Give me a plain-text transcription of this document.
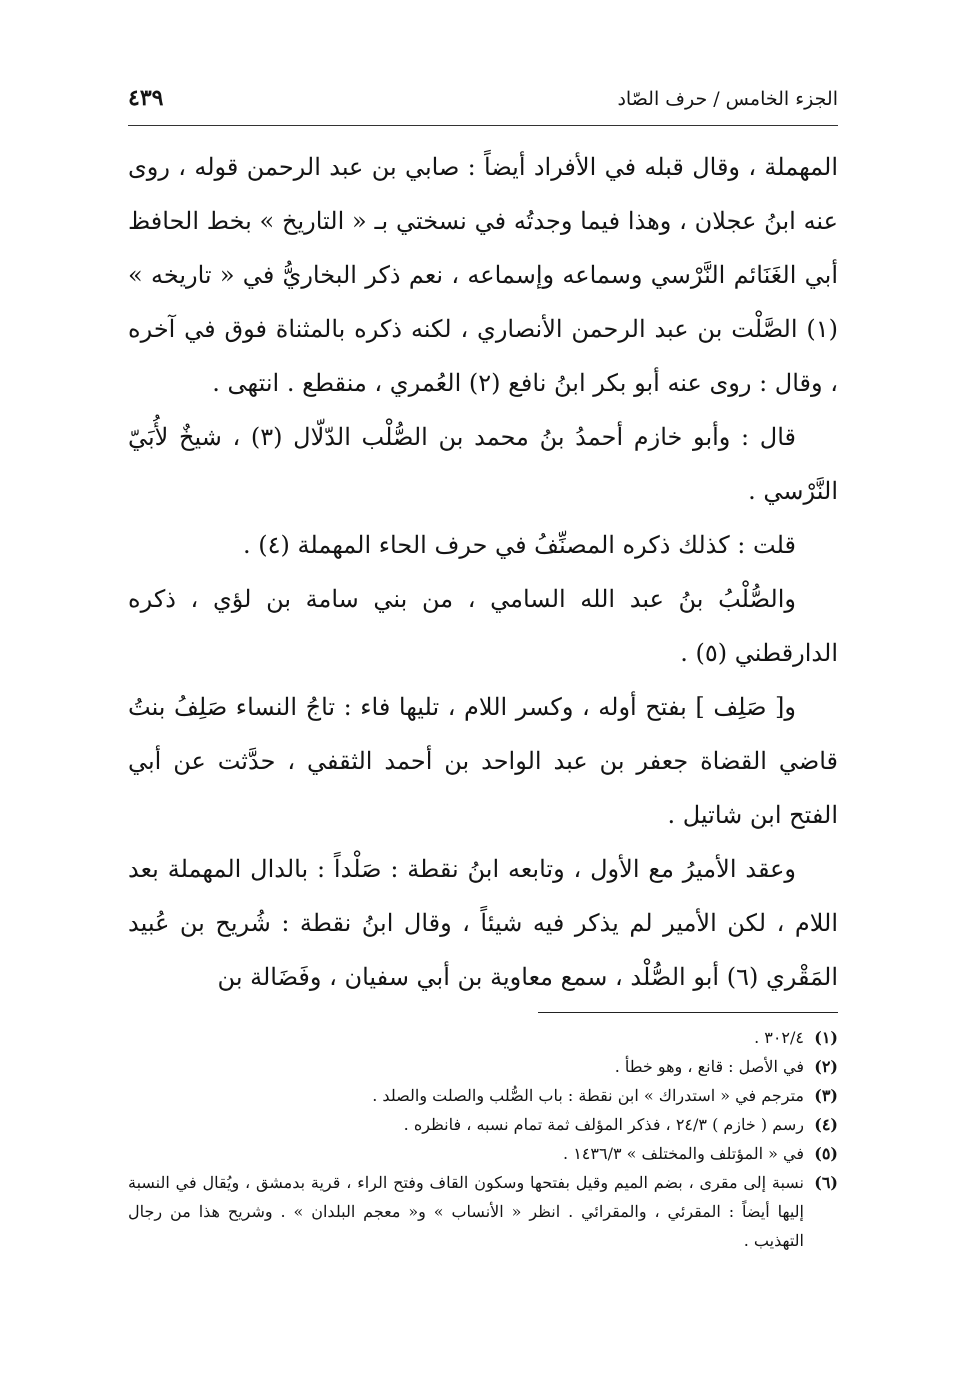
الجزء الخامس / حرف الصّاد
٤٣٩

المهملة ، وقال قبله في الأفراد أيضاً : صابي بن عبد الرحمن قوله ، روى عنه ابنُ عجلان ، وهذا فيما وجدتُه في نسختي بـ « التاريخ » بخط الحافظ أبي الغَنَائم النَّرْسي وسماعه وإسماعه ، نعم ذكر البخاريُّ في « تاريخه » (١) الصَّلْت بن عبد الرحمن الأنصاري ، لكنه ذكره بالمثناة فوق في آخره ، وقال : روى عنه أبو بكر ابنُ نافع (٢) العُمري ، منقطع . انتهى .

قال : وأبو خازم أحمدُ بنُ محمد بن الصُّلْب الدّلّال (٣) ، شيخٌ لأُبَيّ النَّرْسي .

قلت : كذلك ذكره المصنِّفُ في حرف الحاء المهملة (٤) .

والصُّلْبُ بنُ عبد الله السامي ، من بني سامة بن لؤي ، ذكره الدارقطني (٥) .

و[ صَلِف ] بفتح أوله ، وكسر اللام ، تليها فاء : تاجُ النساء صَلِفُ بنتُ قاضي القضاة جعفر بن عبد الواحد بن أحمد الثقفي ، حدَّثت عن أبي الفتح ابن شاتيل .

وعقد الأميرُ مع الأول ، وتابعه ابنُ نقطة : صَلْداً : بالدال المهملة بعد اللام ، لكن الأمير لم يذكر فيه شيئاً ، وقال ابنُ نقطة : شُريح بن عُبيد المَقْري (٦) أبو الصُّلْد ، سمع معاوية بن أبي سفيان ، وفَضَالة بن

(١)
٣٠٢/٤ .
(٢)
في الأصل : قانع ، وهو خطأ .
(٣)
مترجم في « استدراك » ابن نقطة : باب الصُّلب والصلت والصلد .
(٤)
رسم ( خازم ) ٢٤/٣ ، فذكر المؤلف ثمة تمام نسبه ، فانظره .
(٥)
في « المؤتلف والمختلف » ١٤٣٦/٣ .
(٦)
نسبة إلى مقرى ، بضم الميم وقيل بفتحها وسكون القاف وفتح الراء ، قرية بدمشق ، ويُقال في النسبة إليها أيضاً : المقرئي ، والمقرائي . انظر « الأنساب » و« معجم البلدان » . وشريح هذا من رجال التهذيب .
